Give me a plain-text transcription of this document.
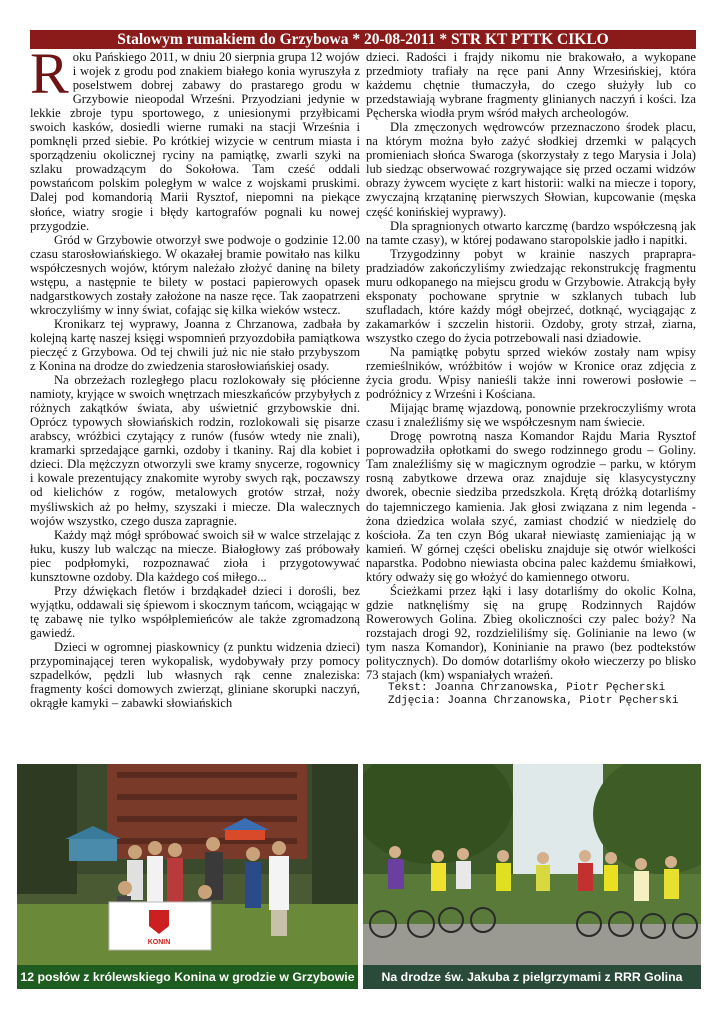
Stalowym rumakiem do Grzybowa * 20-08-2011 * STR KT PTTK CIKLO

Roku Pańskiego 2011, w dniu 20 sierpnia grupa 12 wojów i wojek z grodu pod znakiem białego konia wyruszyła z poselstwem dobrej zabawy do prastarego grodu w Grzybowie nieopodal Wrześni. Przyodziani jedynie w lekkie zbroje typu sportowego, z uniesionymi przyłbicami swoich kasków, dosiedli wierne rumaki na stacji Września i pomknęli przed siebie. Po krótkiej wizycie w centrum miasta i sporządzeniu okolicznej ryciny na pamiątkę, zwarli szyki na szlaku prowadzącym do Sokołowa. Tam cześć oddali powstańcom polskim poległym w walce z wojskami pruskimi. Dalej pod komandorią Marii Rysztof, niepomni na piekące słońce, wiatry srogie i błędy kartografów pognali ku nowej przygodzie.

Gród w Grzybowie otworzył swe podwoje o godzinie 12.00 czasu starosłowiańskiego. W okazałej bramie powitało nas kilku współczesnych wojów, którym należało złożyć daninę na bilety wstępu, a następnie te bilety w postaci papierowych opasek nadgarstkowych zostały założone na nasze ręce. Tak zaopatrzeni wkroczyliśmy w inny świat, cofając się kilka wieków wstecz.

Kronikarz tej wyprawy, Joanna z Chrzanowa, zadbała by kolejną kartę naszej księgi wspomnień przyozdobiła pamiątkowa pieczęć z Grzybowa. Od tej chwili już nic nie stało przybyszom z Konina na drodze do zwiedzenia starosłowiańskiej osady.

Na obrzeżach rozległego placu rozlokowały się płócienne namioty, kryjące w swoich wnętrzach mieszkańców przybyłych z różnych zakątków świata, aby uświetnić grzybowskie dni. Oprócz typowych słowiańskich rodzin, rozlokowali się pisarze arabscy, wróżbici czytający z runów (fusów wtedy nie znali), kramarki sprzedające garnki, ozdoby i tkaniny. Raj dla kobiet i dzieci. Dla mężczyzn otworzyli swe kramy snycerze, rogownicy i kowale prezentujący znakomite wyroby swych rąk, poczawszy od kielichów z rogów, metalowych grotów strzał, noży myśliwskich aż po hełmy, szyszaki i miecze. Dla walecznych wojów wszystko, czego dusza zapragnie.

Każdy mąż mógł spróbować swoich sił w walce strzelając z łuku, kuszy lub walcząc na miecze. Białogłowy zaś próbowały piec podpłomyki, rozpoznawać zioła i przygotowywać kunsztowne ozdoby. Dla każdego coś miłego...

Przy dźwiękach fletów i brzdąkadeł dzieci i dorośli, bez wyjątku, oddawali się śpiewom i skocznym tańcom, wciągając w tę zabawę nie tylko współplemieńców ale także zgromadzoną gawiedź.

Dzieci w ogromnej piaskownicy (z punktu widzenia dzieci) przypominającej teren wykopalisk, wydobywały przy pomocy szpadelków, pędzli lub własnych rąk cenne znaleziska: fragmenty kości domowych zwierząt, gliniane skorupki naczyń, okrągłe kamyki – zabawki słowiańskich

dzieci. Radości i frajdy nikomu nie brakowało, a wykopane przedmioty trafiały na ręce pani Anny Wrzesińskiej, która każdemu chętnie tłumaczyła, do czego służyły lub co przedstawiają wybrane fragmenty glinianych naczyń i kości. Iza Pęcherska wiodła prym wśród małych archeologów.

Dla zmęczonych wędrowców przeznaczono środek placu, na którym można było zażyć słodkiej drzemki w palących promieniach słońca Swaroga (skorzystały z tego Marysia i Jola) lub siedząc obserwować rozgrywające się przed oczami widzów obrazy żywcem wycięte z kart historii: walki na miecze i topory, zwyczajną krzątaninę pierwszych Słowian, kupcowanie (męska część konińskiej wyprawy).

Dla spragnionych otwarto karczmę (bardzo współczesną jak na tamte czasy), w której podawano staropolskie jadło i napitki.

Trzygodzinny pobyt w krainie naszych praprapra-pradziadów zakończyliśmy zwiedzając rekonstrukcję fragmentu muru odkopanego na miejscu grodu w Grzybowie. Atrakcją były eksponaty pochowane sprytnie w szklanych tubach lub szufladach, które każdy mógł obejrzeć, dotknąć, wyciągając z zakamarków i szczelin historii. Ozdoby, groty strzał, ziarna, wszystko czego do życia potrzebowali nasi dziadowie.

Na pamiątkę pobytu sprzed wieków zostały nam wpisy rzemieślników, wróżbitów i wojów w Kronice oraz zdjęcia z życia grodu. Wpisy nanieśli także inni rowerowi posłowie – podróżnicy z Wrześni i Kościana.

Mijając bramę wjazdową, ponownie przekroczyliśmy wrota czasu i znaleźliśmy się we współczesnym nam świecie.

Drogę powrotną nasza Komandor Rajdu Maria Rysztof poprowadziła opłotkami do swego rodzinnego grodu – Goliny. Tam znaleźliśmy się w magicznym ogrodzie – parku, w którym rosną zabytkowe drzewa oraz znajduje się klasycystyczny dworek, obecnie siedziba przedszkola. Krętą dróżką dotarliśmy do tajemniczego kamienia. Jak głosi związana z nim legenda - żona dziedzica wolała szyć, zamiast chodzić w niedzielę do kościoła. Za ten czyn Bóg ukarał niewiastę zamieniając ją w kamień. W górnej części obelisku znajduje się otwór wielkości naparstka. Podobno niewiasta obcina palec każdemu śmiałkowi, który odważy się go włożyć do kamiennego otworu.

Ścieżkami przez łąki i lasy dotarliśmy do okolic Kolna, gdzie natknęliśmy się na grupę Rodzinnych Rajdów Rowerowych Golina. Zbieg okoliczności czy palec boży? Na rozstajach drogi 92, rozdzieliliśmy się. Golinianie na lewo (w tym nasza Komandor), Koninianie na prawo (bez podtekstów politycznych). Do domów dotarliśmy około wieczerzy po blisko 73 stajach (km) wspaniałych wrażeń.

Tekst: Joanna Chrzanowska, Piotr Pęcherski
Zdjęcia: Joanna Chrzanowska, Piotr Pęcherski
KONIN
12 posłów z królewskiego Konina w grodzie w Grzybowie	Na drodze św. Jakuba z pielgrzymami z RRR Golina
